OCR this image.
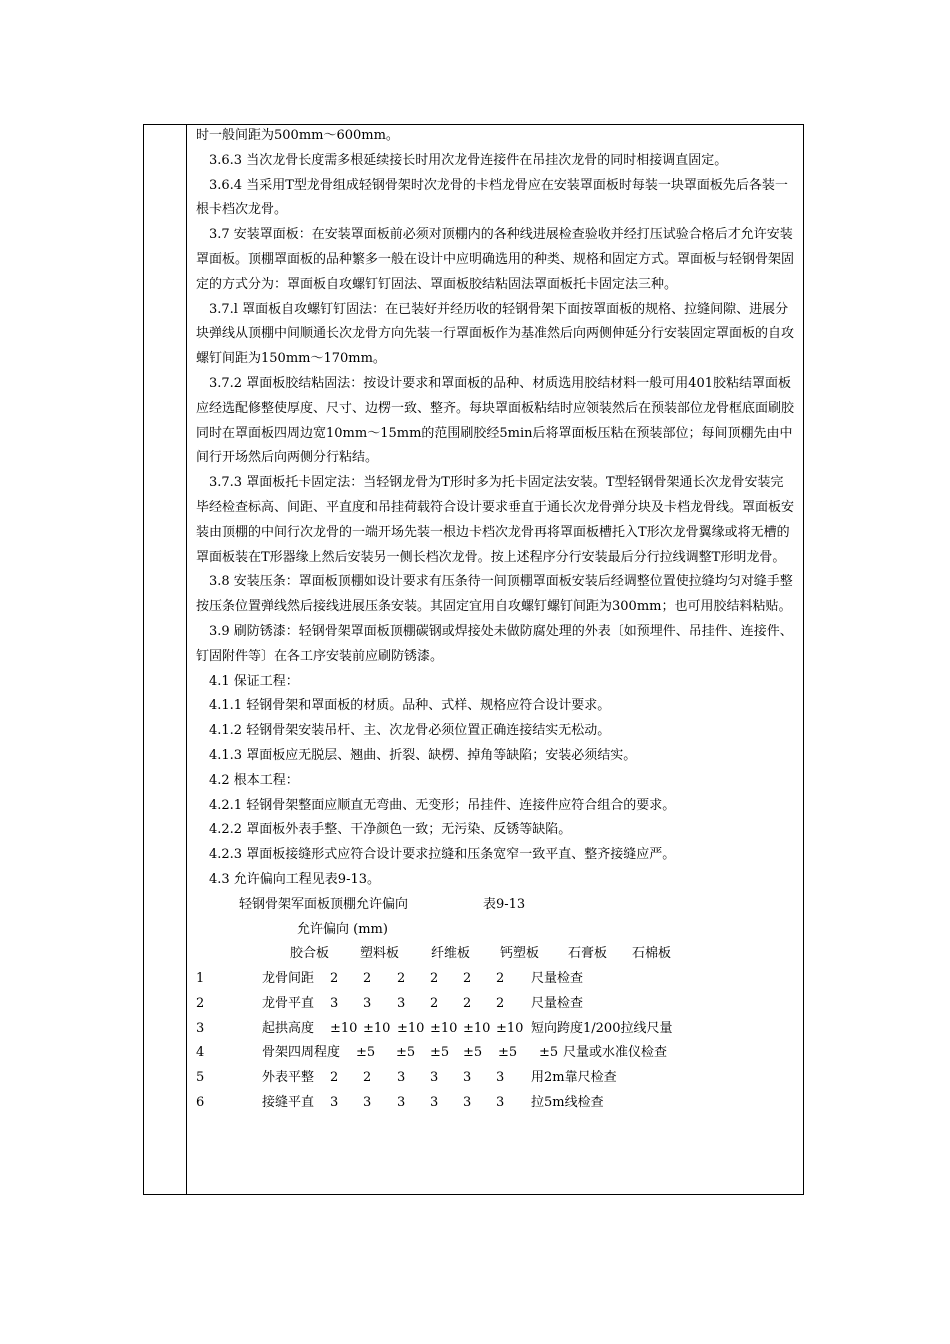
时一般间距为500mm～600mm。

3.6.3 当次龙骨长度需多根延续接长时用次龙骨连接件在吊挂次龙骨的同时相接调直固定。

3.6.4 当采用T型龙骨组成轻钢骨架时次龙骨的卡档龙骨应在安装罩面板时每装一块罩面板先后各装一根卡档次龙骨。

3.7 安装罩面板：在安装罩面板前必须对顶棚内的各种线进展检查验收并经打压试验合格后才允许安装罩面板。顶棚罩面板的品种繁多一般在设计中应明确选用的种类、规格和固定方式。罩面板与轻钢骨架固定的方式分为：罩面板自攻螺钉钉固法、罩面板胶结粘固法罩面板托卡固定法三种。

3.7.l 罩面板自攻螺钉钉固法：在已装好并经历收的轻钢骨架下面按罩面板的规格、拉缝间隙、进展分块弹线从顶棚中间顺通长次龙骨方向先装一行罩面板作为基准然后向两侧伸延分行安装固定罩面板的自攻螺钉间距为150mm～170mm。

3.7.2 罩面板胶结粘固法：按设计要求和罩面板的品种、材质选用胶结材料一般可用401胶粘结罩面板应经选配修整使厚度、尺寸、边楞一致、整齐。每块罩面板粘结时应领装然后在预装部位龙骨框底面刷胶同时在罩面板四周边宽10mm～15mm的范围刷胶经5min后将罩面板压粘在预装部位；每间顶棚先由中间行开场然后向两侧分行粘结。

3.7.3 罩面板托卡固定法：当轻钢龙骨为T形时多为托卡固定法安装。T型轻钢骨架通长次龙骨安装完毕经检查标高、间距、平直度和吊挂荷载符合设计要求垂直于通长次龙骨弹分块及卡档龙骨线。罩面板安装由顶棚的中间行次龙骨的一端开场先装一根边卡档次龙骨再将罩面板槽托入T形次龙骨翼缘或将无槽的罩面板装在T形器缘上然后安装另一侧长档次龙骨。按上述程序分行安装最后分行拉线调整T形明龙骨。

3.8 安装压条：罩面板顶棚如设计要求有压条待一间顶棚罩面板安装后经调整位置使拉缝均匀对缝手整按压条位置弹线然后接线进展压条安装。其固定宜用自攻螺钉螺钉间距为300mm；也可用胶结料粘贴。

3.9 刷防锈漆：轻钢骨架罩面板顶棚碳钢或焊接处未做防腐处理的外表〔如预埋件、吊挂件、连接件、钉固附件等〕在各工序安装前应刷防锈漆。

4.1 保证工程：

4.1.1 轻钢骨架和罩面板的材质。品种、式样、规格应符合设计要求。

4.1.2 轻钢骨架安装吊杆、主、次龙骨必须位置正确连接结实无松动。

4.1.3 罩面板应无脱层、翘曲、折裂、缺楞、掉角等缺陷；安装必须结实。

4.2 根本工程：

4.2.1 轻钢骨架整面应顺直无弯曲、无变形；吊挂件、连接件应符合组合的要求。

4.2.2 罩面板外表手整、干净颜色一致；无污染、反锈等缺陷。

4.2.3 罩面板接缝形式应符合设计要求拉缝和压条宽窄一致平直、整齐接缝应严。

4.3 允许偏向工程见表9-13。

轻钢骨架军面板顶棚允许偏向	表9-13
允许偏向 (mm)
胶合板 塑料板 纤维板 钙塑板 石膏板 石棉板
1	龙骨间距 2 2 2 2 2 2 尺量检查
2	龙骨平直 3 3 3 2 2 2 尺量检查
3	起拱高度 ±10 ±10 ±10 ±10 ±10 ±10 短向跨度1/200拉线尺量
4	骨架四周程度 ±5 ±5 ±5 ±5 ±5 ±5 尺量或水准仪检查
5	外表平整 2 2 3 3 3 3 用2m靠尺检查
6	接缝平直 3 3 3 3 3 3 拉5m线检查
